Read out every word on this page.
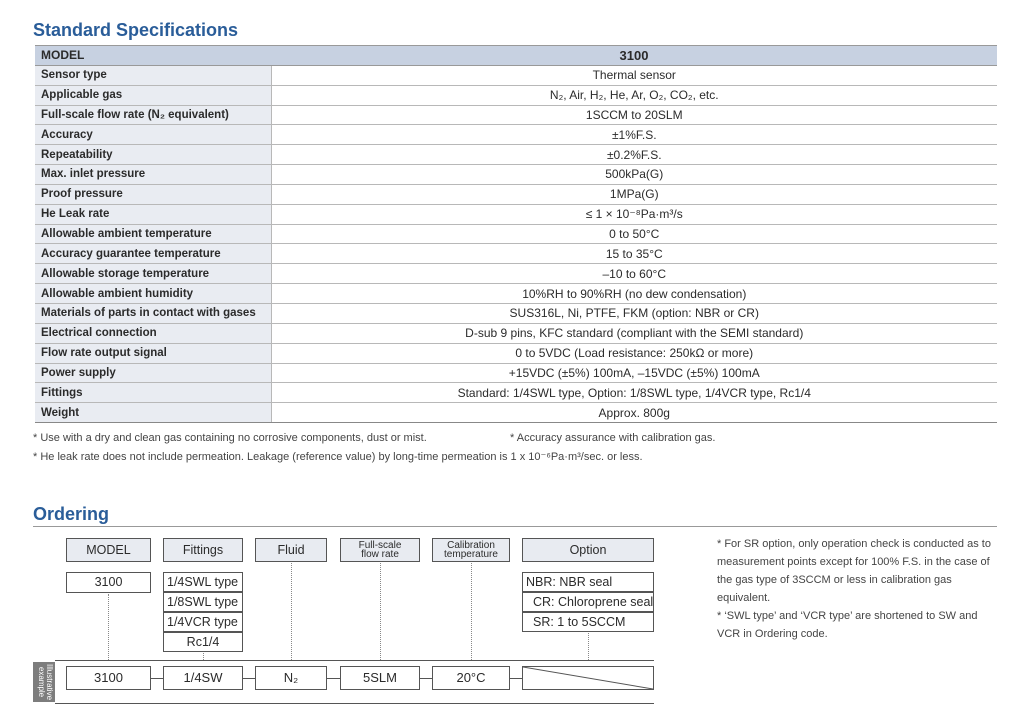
Standard Specifications
MODEL	3100
Sensor type	Thermal sensor
Applicable gas	N₂, Air, H₂, He, Ar, O₂, CO₂, etc.
Full-scale flow rate (N₂ equivalent)	1SCCM to 20SLM
Accuracy	±1%F.S.
Repeatability	±0.2%F.S.
Max. inlet pressure	500kPa(G)
Proof pressure	1MPa(G)
He Leak rate	≤ 1 × 10⁻⁸Pa·m³/s
Allowable ambient temperature	0 to 50°C
Accuracy guarantee temperature	15 to 35°C
Allowable storage temperature	–10 to 60°C
Allowable ambient humidity	10%RH to 90%RH (no dew condensation)
Materials of parts in contact with gases	SUS316L, Ni, PTFE, FKM (option: NBR or CR)
Electrical connection	D-sub 9 pins, KFC standard (compliant with the SEMI standard)
Flow rate output signal	0 to 5VDC (Load resistance: 250kΩ or more)
Power supply	+15VDC (±5%) 100mA, –15VDC (±5%) 100mA
Fittings	Standard: 1/4SWL type, Option: 1/8SWL type, 1/4VCR type, Rc1/4
Weight	Approx. 800g
* Use with a dry and clean gas containing no corrosive components, dust or mist.	* Accuracy assurance with calibration gas.
* He leak rate does not include permeation. Leakage (reference value) by long-time permeation is 1 x 10⁻⁶Pa·m³/sec. or less.
Ordering
MODEL	Fittings	Fluid	Full-scale
flow rate
Calibration
temperature	Option
3100	1/4SWL type
1/8SWL type
1/4VCR type
Rc1/4
NBR: NBR seal
CR: Chloroprene seal
SR: 1 to 5SCCM
Illustrative example	3100	1/4SW	N₂	5SLM	20°C
* For SR option, only operation check is conducted as to measurement points except for 100% F.S. in the case of the gas type of 3SCCM or less in calibration gas equivalent.
* ‘SWL type’ and ‘VCR type’ are shortened to SW and VCR in Ordering code.
